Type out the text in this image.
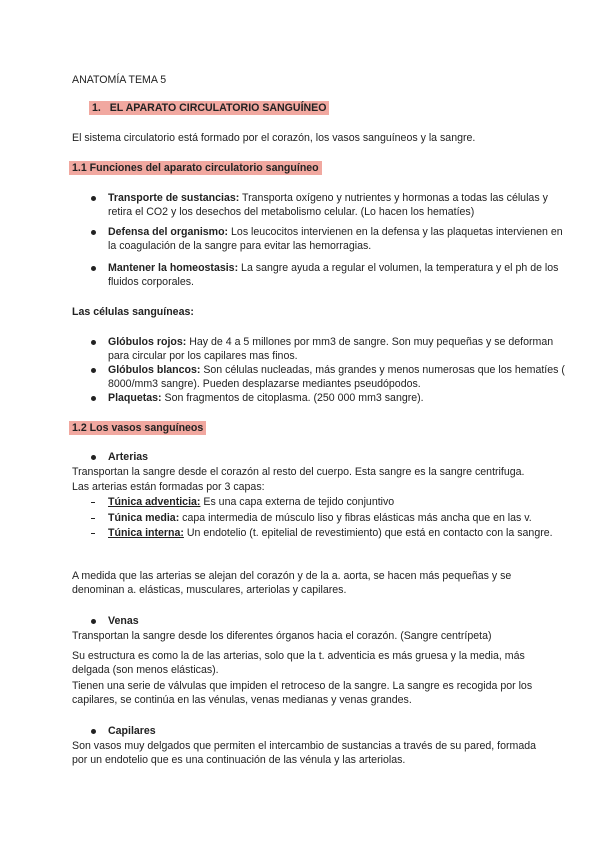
ANATOMÍA TEMA 5
1. EL APARATO CIRCULATORIO SANGUÍNEO
El sistema circulatorio está formado por el corazón, los vasos sanguíneos y la sangre.
1.1 Funciones del aparato circulatorio sanguíneo
Transporte de sustancias: Transporta oxígeno y nutrientes y hormonas a todas las células y retira el CO2 y los desechos del metabolismo celular. (Lo hacen los hematíes)
Defensa del organismo: Los leucocitos intervienen en la defensa y las plaquetas intervienen en la coagulación de la sangre para evitar las hemorragias.
Mantener la homeostasis: La sangre ayuda a regular el volumen, la temperatura y el ph de los fluidos corporales.
Las células sanguíneas:
Glóbulos rojos: Hay de 4 a 5 millones por mm3 de sangre. Son muy pequeñas y se deforman para circular por los capilares mas finos.
Glóbulos blancos: Son células nucleadas, más grandes y menos numerosas que los hematíes ( 8000/mm3 sangre). Pueden desplazarse mediantes pseudópodos.
Plaquetas: Son fragmentos de citoplasma. (250 000 mm3 sangre).
1.2 Los vasos sanguíneos
Arterias
Transportan la sangre desde el corazón al resto del cuerpo. Esta sangre es la sangre centrifuga.
Las arterias están formadas por 3 capas:
Túnica adventicia: Es una capa externa de tejido conjuntivo
Túnica media: capa intermedia de músculo liso y fibras elásticas más ancha que en las v.
Túnica interna: Un endotelio (t. epitelial de revestimiento) que está en contacto con la sangre.
A medida que las arterias se alejan del corazón y de la a. aorta, se hacen más pequeñas y se denominan a. elásticas, musculares, arteriolas y capilares.
Venas
Transportan la sangre desde los diferentes órganos hacia el corazón. (Sangre centrípeta)
Su estructura es como la de las arterias, solo que la t. adventicia es más gruesa y la media, más delgada (son menos elásticas).
Tienen una serie de válvulas que impiden el retroceso de la sangre. La sangre es recogida por los capilares, se continúa en las vénulas, venas medianas y venas grandes.
Capilares
Son vasos muy delgados que permiten el intercambio de sustancias a través de su pared, formada por un endotelio que es una continuación de las vénula y las arteriolas.
